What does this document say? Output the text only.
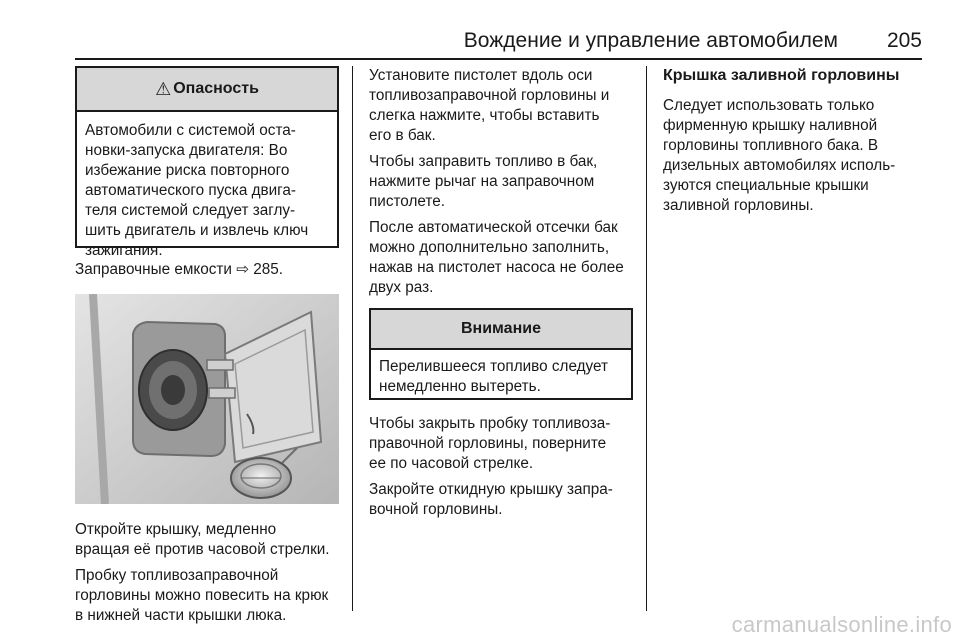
Вождение и управление автомобилем 205
⚠ Опасность

Автомобили с системой оста-

новки-запуска двигателя: Во

избежание риска повторного

автоматического пуска двига-

теля системой следует заглу-

шить двигатель и извлечь ключ

зажигания.

Заправочные емкости ⇨ 285.

Откройте крышку, медленно

вращая её против часовой стрелки.

Пробку топливозаправочной

горловины можно повесить на крюк

в нижней части крышки люка.

Установите пистолет вдоль оси

топливозаправочной горловины и

слегка нажмите, чтобы вставить

его в бак.

Чтобы заправить топливо в бак,

нажмите рычаг на заправочном

пистолете.

После автоматической отсечки бак

можно дополнительно заполнить,

нажав на пистолет насоса не более

двух раз.

Внимание

Перелившееся топливо следует

немедленно вытереть.

Чтобы закрыть пробку топливоза-

правочной горловины, поверните

ее по часовой стрелке.

Закройте откидную крышку запра-

вочной горловины.

Крышка заливной горловины

Следует использовать только

фирменную крышку наливной

горловины топливного бака. В

дизельных автомобилях исполь-

зуются специальные крышки

заливной горловины.

carmanualsonline.info
